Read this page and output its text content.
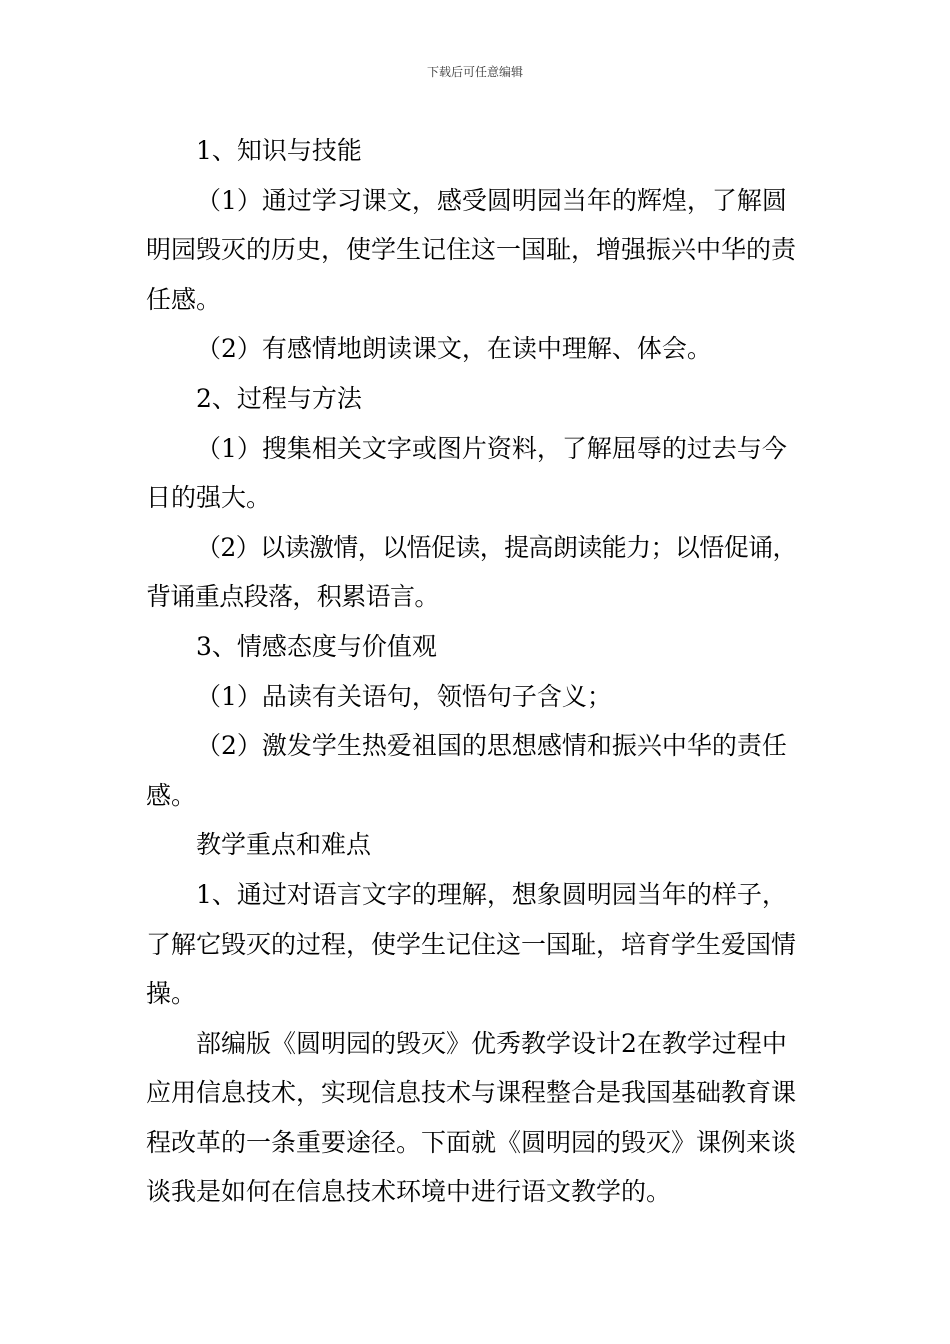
下载后可任意编辑

1、知识与技能

（1）通过学习课文，感受圆明园当年的辉煌，了解圆明园毁灭的历史，使学生记住这一国耻，增强振兴中华的责任感。

（2）有感情地朗读课文，在读中理解、体会。

2、过程与方法

（1）搜集相关文字或图片资料，了解屈辱的过去与今日的强大。

（2）以读激情，以悟促读，提高朗读能力；以悟促诵，背诵重点段落，积累语言。

3、情感态度与价值观

（1）品读有关语句，领悟句子含义；

（2）激发学生热爱祖国的思想感情和振兴中华的责任感。

教学重点和难点

1、通过对语言文字的理解，想象圆明园当年的样子，了解它毁灭的过程，使学生记住这一国耻，培育学生爱国情操。

部编版《圆明园的毁灭》优秀教学设计2在教学过程中应用信息技术，实现信息技术与课程整合是我国基础教育课程改革的一条重要途径。下面就《圆明园的毁灭》课例来谈谈我是如何在信息技术环境中进行语文教学的。
